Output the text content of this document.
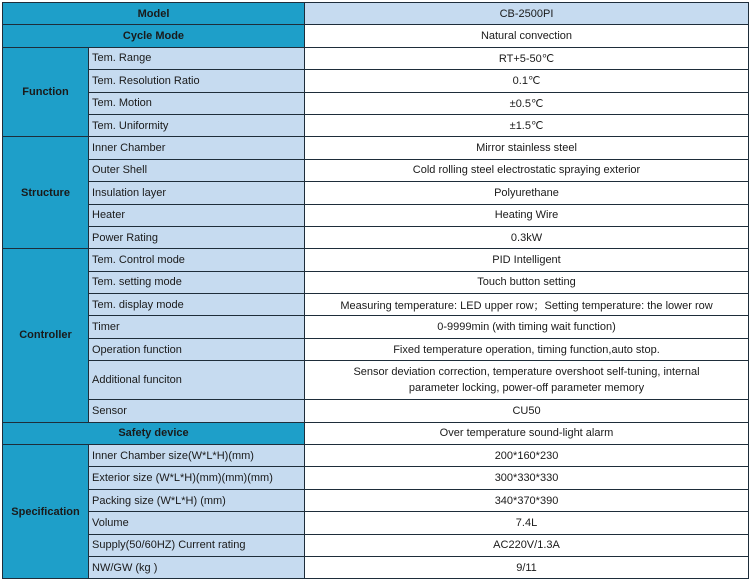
Model		CB-2500PI
Cycle Mode		Natural convection
Function	Tem. Range	RT+5-50℃
	Tem. Resolution Ratio	0.1℃
	Tem. Motion	±0.5℃
	Tem. Uniformity	±1.5℃
Structure	Inner Chamber	Mirror stainless steel
	Outer Shell	Cold rolling steel electrostatic spraying exterior
	Insulation layer	Polyurethane
	Heater	Heating Wire
	Power Rating	0.3kW
Controller	Tem. Control mode	PID Intelligent
	Tem. setting mode	Touch button setting
	Tem. display mode	Measuring temperature: LED upper row；Setting temperature: the lower row
	Timer	0-9999min (with timing wait function)
	Operation function	Fixed temperature operation, timing function,auto stop.
	Additional funciton	Sensor deviation correction, temperature overshoot self-tuning, internal
parameter locking, power-off parameter memory

	Sensor	CU50
Safety device		Over temperature sound-light alarm
Specification	Inner Chamber size(W*L*H)(mm)	200*160*230
	Exterior size (W*L*H)(mm)(mm)(mm)	300*330*330
	Packing size (W*L*H) (mm)	340*370*390
	Volume	7.4L
	Supply(50/60HZ) Current rating	AC220V/1.3A
	NW/GW (kg )	9/11
